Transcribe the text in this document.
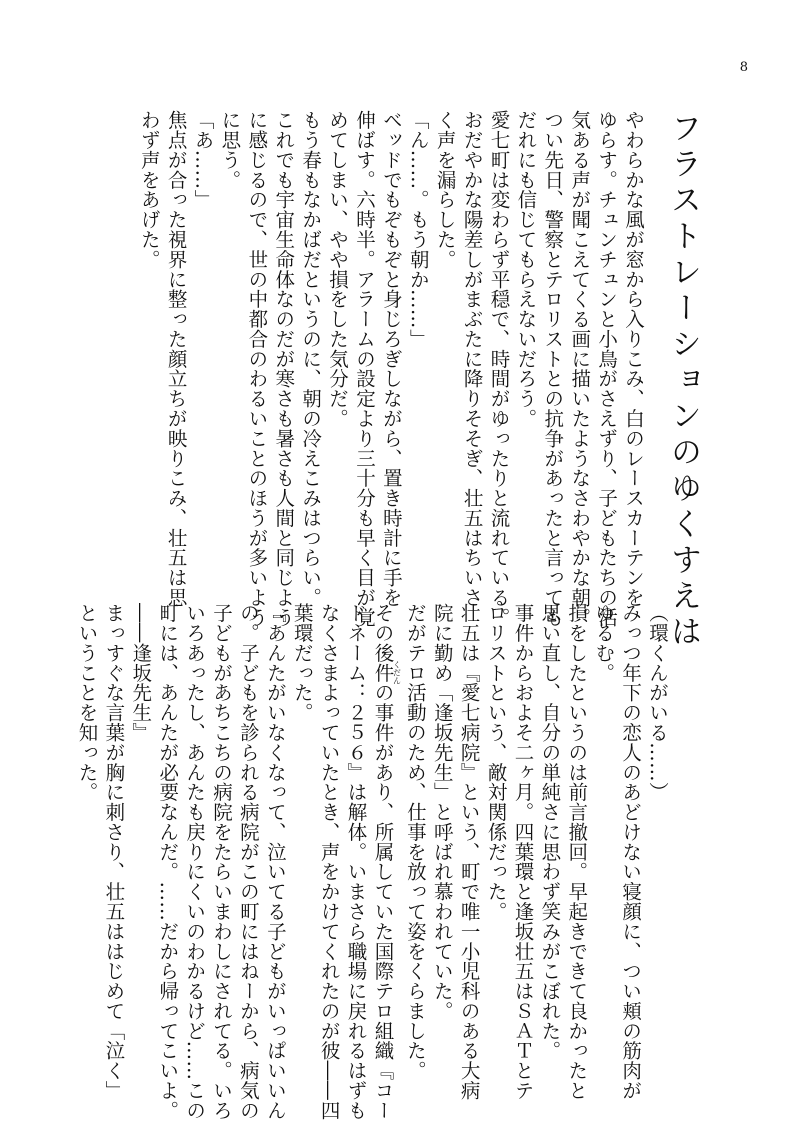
8
フラストレーションのゆくすえは
やわらかな風が窓から入りこみ、白のレースカーテンを
ゆらす。チュンチュンと小鳥がさえずり、子どもたちの活
気ある声が聞こえてくる画に描いたようなさわやかな朝。
つい先日、警察とテロリストとの抗争があったと言っても
だれにも信じてもらえないだろう。
愛七町は変わらず平穏で、時間がゆったりと流れている。
おだやかな陽差しがまぶたに降りそそぎ、壮五はちいさ
く声を漏らした。
「ん……。もう朝か……」
ベッドでもぞもぞと身じろぎしながら、置き時計に手を
伸ばす。六時半。アラームの設定より三十分も早く目が覚
めてしまい、やや損をした気分だ。
もう春もなかばだというのに、朝の冷えこみはつらい。
これでも宇宙生命体なのだが寒さも暑さも人間と同じよう
に感じるので、世の中都合のわるいことのほうが多いよう
に思う。
「あ……」
焦点が合った視界に整った顔立ちが映りこみ、壮五は思
わず声をあげた。
（環くんがいる……）
みっつ年下の恋人のあどけない寝顔に、つい頬の筋肉が
ゆるむ。
損をしたというのは前言撤回。早起きできて良かったと
思い直し、自分の単純さに思わず笑みがこぼれた。
事件からおよそ二ヶ月。四葉環と逢坂壮五はＳＡＴとテ
ロリストという、敵対関係だった。
壮五は『愛七病院』という、町で唯一小児科のある大病
院に勤め「逢坂先生」と呼ばれ慕われていた。
だがテロ活動のため、仕事を放って姿をくらました。
その後件くだんの事件があり、所属していた国際テロ組織『コー
ドネーム：２５６』は解体。いまさら職場に戻れるはずも
なくさまよっていたとき、声をかけてくれたのが彼――四
葉環だった。
『あんたがいなくなって、泣いてる子どもがいっぱいいん
の。子どもを診られる病院がこの町にはねーから、病気の
子どもがあちこちの病院をたらいまわしにされてる。いろ
いろあったし、あんたも戻りにくいのわかるけど……この
町には、あんたが必要なんだ。……だから帰ってこいよ。
――逢坂先生』
まっすぐな言葉が胸に刺さり、壮五ははじめて「泣く」
ということを知った。
